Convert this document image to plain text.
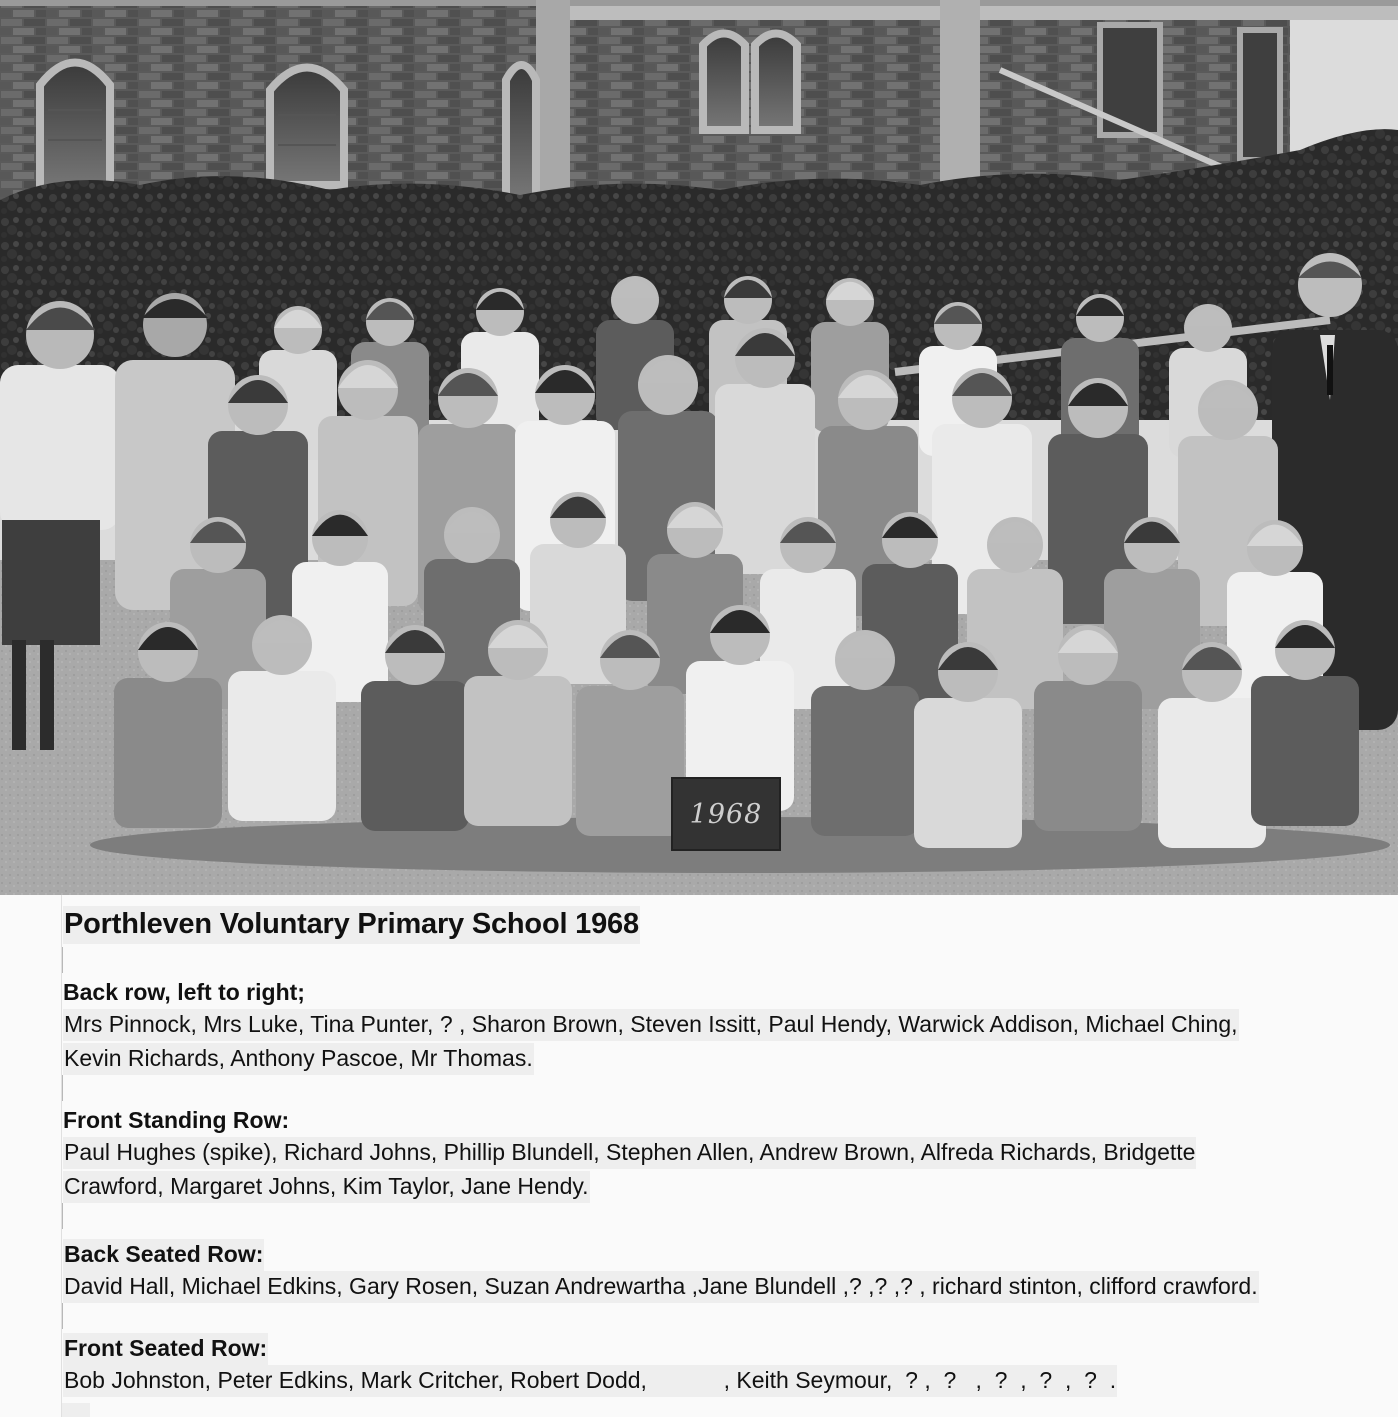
1968
Porthleven Voluntary Primary School 1968
Back row, left to right;
Mrs Pinnock, Mrs Luke, Tina Punter, ? , Sharon Brown, Steven Issitt, Paul Hendy, Warwick Addison, Michael Ching,
Kevin Richards, Anthony Pascoe, Mr Thomas.
Front Standing Row:
Paul Hughes (spike), Richard Johns, Phillip Blundell, Stephen Allen, Andrew Brown, Alfreda Richards, Bridgette
Crawford, Margaret Johns, Kim Taylor, Jane Hendy.
Back Seated Row:
David Hall, Michael Edkins, Gary Rosen, Suzan Andrewartha ,Jane Blundell ,? ,? ,? , richard stinton, clifford crawford.
Front Seated Row:
Bob Johnston, Peter Edkins, Mark Critcher, Robert Dodd,            , Keith Seymour,  ? ,  ?   ,  ?  ,  ?  ,  ?  .
